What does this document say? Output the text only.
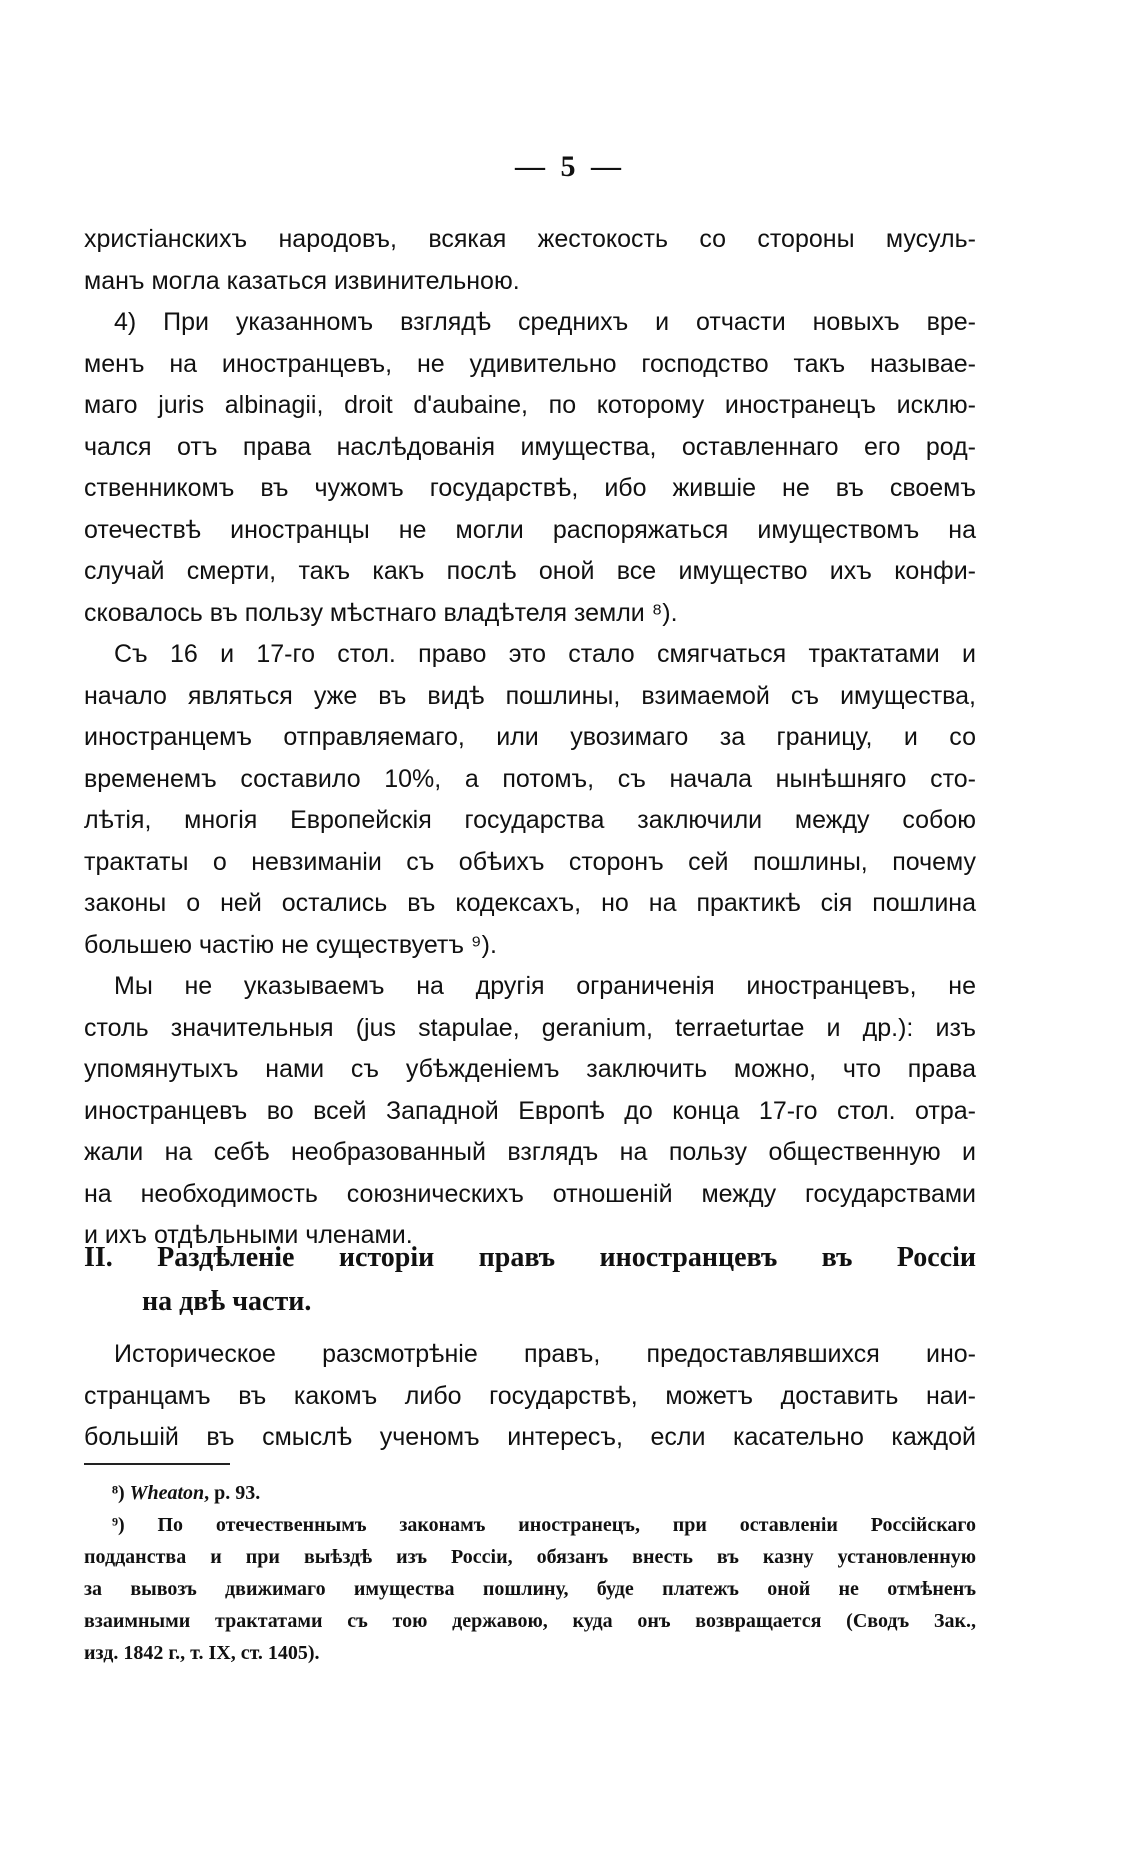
— 5 —
христіанскихъ народовъ, всякая жестокость со стороны мусуль-
манъ могла казаться извинительною.
4) При указанномъ взглядѣ среднихъ и отчасти новыхъ вре-
менъ на иностранцевъ, не удивительно господство такъ называе-
маго juris albinagii, droit d'aubaine, по которому иностранецъ исклю-
чался отъ права наслѣдованія имущества, оставленнаго его род-
ственникомъ въ чужомъ государствѣ, ибо жившіе не въ своемъ
отечествѣ иностранцы не могли распоряжаться имуществомъ на
случай смерти, такъ какъ послѣ оной все имущество ихъ конфи-
сковалось въ пользу мѣстнаго владѣтеля земли ⁸).
Съ 16 и 17-го стол. право это стало смягчаться трактатами и
начало являться уже въ видѣ пошлины, взимаемой съ имущества,
иностранцемъ отправляемаго, или увозимаго за границу, и со
временемъ составило 10%, а потомъ, съ начала нынѣшняго сто-
лѣтія, многія Европейскія государства заключили между собою
трактаты о невзиманіи съ обѣихъ сторонъ сей пошлины, почему
законы о ней остались въ кодексахъ, но на практикѣ сія пошлина
большею частію не существуетъ ⁹).
Мы не указываемъ на другія ограниченія иностранцевъ, не
столь значительныя (jus stapulae, geranium, terraeturtae и др.): изъ
упомянутыхъ нами съ убѣжденіемъ заключить можно, что права
иностранцевъ во всей Западной Европѣ до конца 17-го стол. отра-
жали на себѣ необразованный взглядъ на пользу общественную и
на необходимость союзническихъ отношеній между государствами
и ихъ отдѣльными членами.
II. Раздѣленіе исторіи правъ иностранцевъ въ Россіи
на двѣ части.
Историческое разсмотрѣніе правъ, предоставлявшихся ино-
странцамъ въ какомъ либо государствѣ, можетъ доставить наи-
большій въ смыслѣ ученомъ интересъ, если касательно каждой
⁸) Wheaton, p. 93.
⁹) По отечественнымъ законамъ иностранецъ, при оставленіи Россійскаго
подданства и при выѣздѣ изъ Россіи, обязанъ внесть въ казну установленную
за вывозъ движимаго имущества пошлину, буде платежъ оной не отмѣненъ
взаимными трактатами съ тою державою, куда онъ возвращается (Сводъ Зак.,
изд. 1842 г., т. IX, ст. 1405).
